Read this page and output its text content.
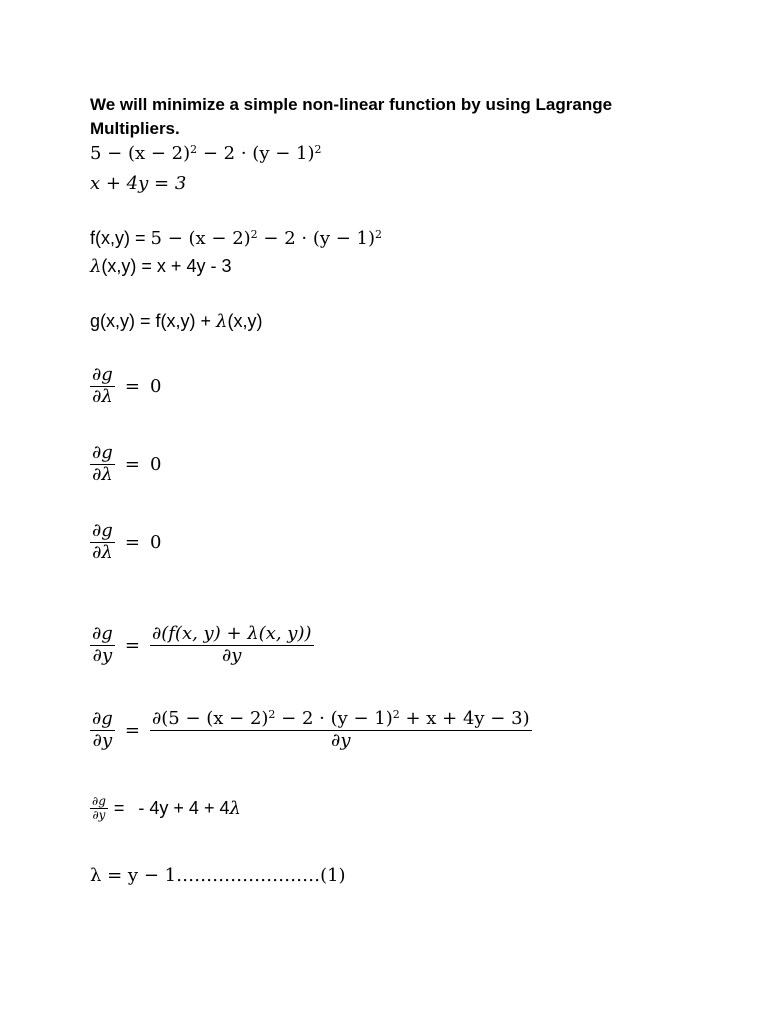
We will minimize a simple non-linear function by using Lagrange Multipliers.
$5 - (x - 2)^2 - 2 \cdot (y - 1)^2$
x + 4y = 3
$f(x,y) = 5 - (x - 2)^2 - 2 \cdot (y - 1)^2$
λ(x,y) = x + 4y - 3
g(x,y) = f(x,y) + λ(x,y)
$\frac{\partial g}{\partial\lambda} = 0$
$\frac{\partial g}{\partial\lambda} = 0$
$\frac{\partial g}{\partial\lambda} = 0$
$\frac{\partial g}{\partial y} = \frac{\partial(f(x, y) + \lambda(x, y))}{\partial y}$
$\frac{\partial g}{\partial y} = \frac{\partial(5 - (x - 2)^2 - 2 \cdot (y - 1)^2 + x + 4y - 3)}{\partial y}$
$\frac{\partial g}{\partial y}$ = - 4y + 4 + 4 λ
λ = y − 1……………………(1)
